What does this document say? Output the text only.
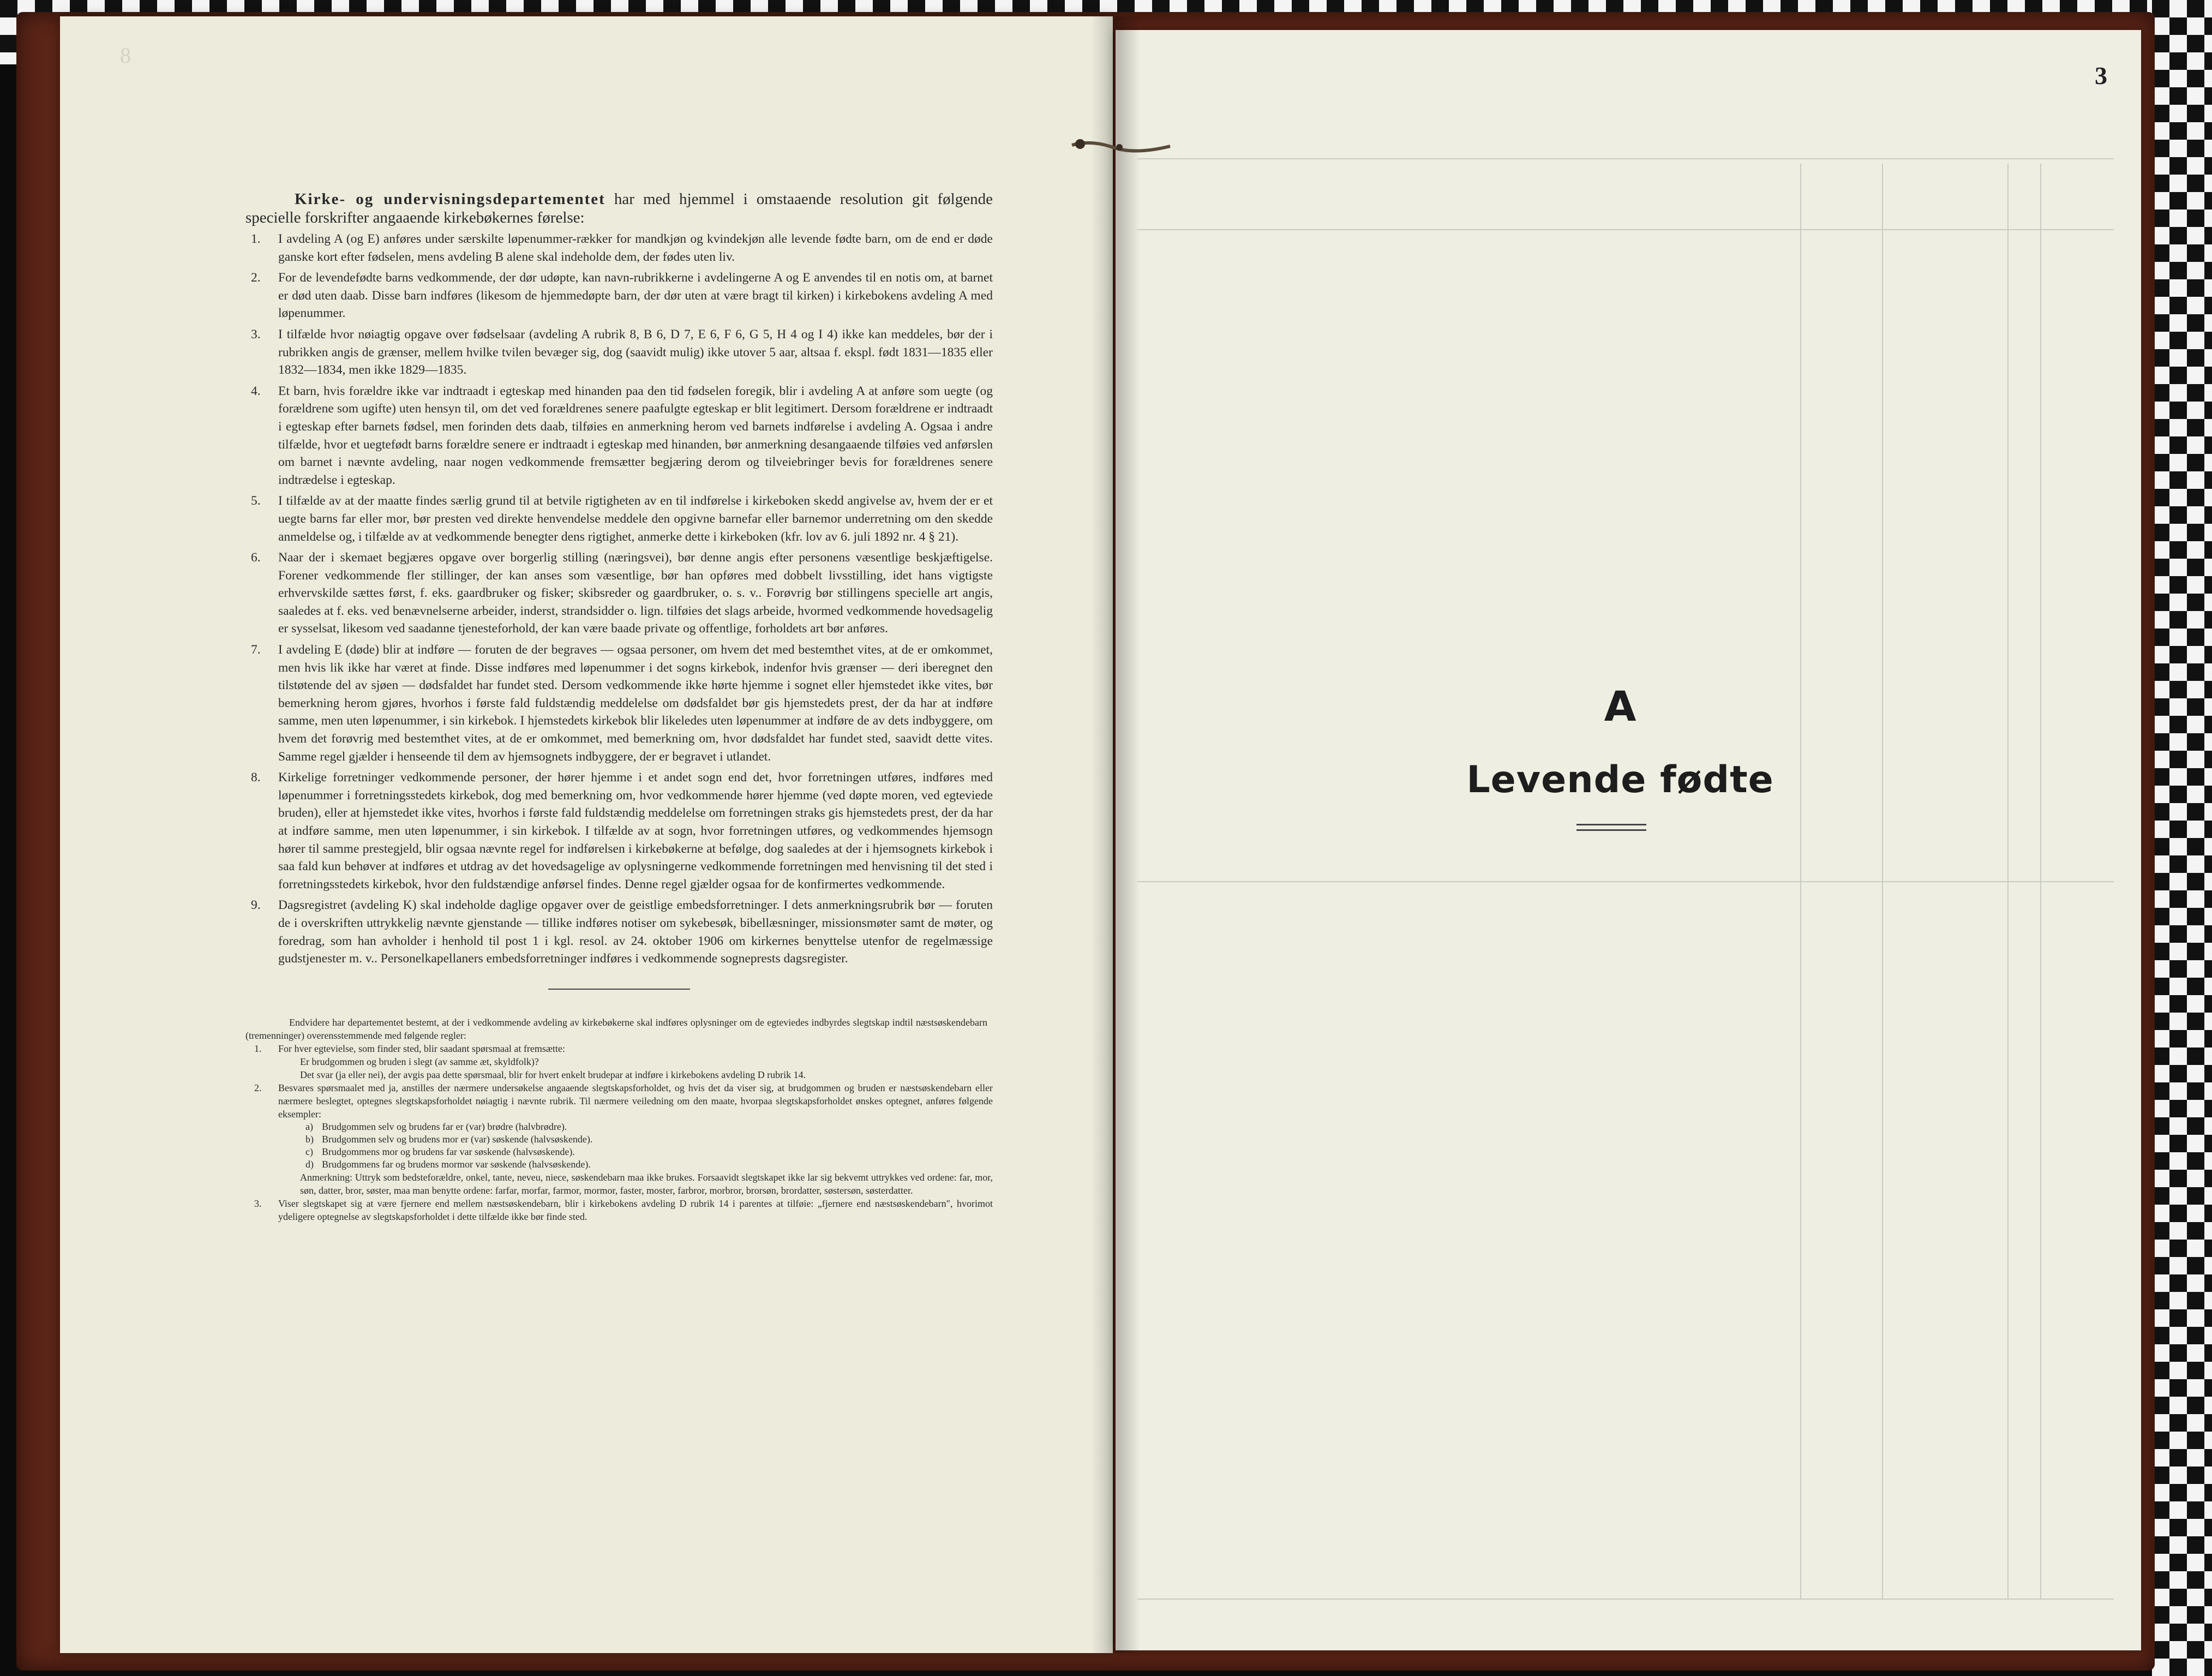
8
3

Kirke- og undervisningsdepartementet har med hjemmel i omstaaende resolution git følgende specielle forskrifter angaaende kirkebøkernes førelse:

1. I avdeling A (og E) anføres under særskilte løpenummer-rækker for mandkjøn og kvindekjøn alle levende fødte barn, om de end er døde ganske kort efter fødselen, mens avdeling B alene skal indeholde dem, der fødes uten liv.
2. For de levendefødte barns vedkommende, der dør udøpte, kan navn-rubrikkerne i avdelingerne A og E anvendes til en notis om, at barnet er død uten daab. Disse barn indføres (likesom de hjemmedøpte barn, der dør uten at være bragt til kirken) i kirkebokens avdeling A med løpenummer.
3. I tilfælde hvor nøiagtig opgave over fødselsaar (avdeling A rubrik 8, B 6, D 7, E 6, F 6, G 5, H 4 og I 4) ikke kan meddeles, bør der i rubrikken angis de grænser, mellem hvilke tvilen bevæger sig, dog (saavidt mulig) ikke utover 5 aar, altsaa f. ekspl. født 1831—1835 eller 1832—1834, men ikke 1829—1835.
4. Et barn, hvis forældre ikke var indtraadt i egteskap med hinanden paa den tid fødselen foregik, blir i avdeling A at anføre som uegte (og forældrene som ugifte) uten hensyn til, om det ved forældrenes senere paafulgte egteskap er blit legitimert. Dersom forældrene er indtraadt i egteskap efter barnets fødsel, men forinden dets daab, tilføies en anmerkning herom ved barnets indførelse i avdeling A. Ogsaa i andre tilfælde, hvor et uegtefødt barns forældre senere er indtraadt i egteskap med hinanden, bør anmerkning desangaaende tilføies ved anførslen om barnet i nævnte avdeling, naar nogen vedkommende fremsætter begjæring derom og tilveiebringer bevis for forældrenes senere indtrædelse i egteskap.
5. I tilfælde av at der maatte findes særlig grund til at betvile rigtigheten av en til indførelse i kirkeboken skedd angivelse av, hvem der er et uegte barns far eller mor, bør presten ved direkte henvendelse meddele den opgivne barnefar eller barnemor underretning om den skedde anmeldelse og, i tilfælde av at vedkommende benegter dens rigtighet, anmerke dette i kirkeboken (kfr. lov av 6. juli 1892 nr. 4 § 21).
6. Naar der i skemaet begjæres opgave over borgerlig stilling (næringsvei), bør denne angis efter personens væsentlige beskjæftigelse. Forener vedkommende fler stillinger, der kan anses som væsentlige, bør han opføres med dobbelt livsstilling, idet hans vigtigste erhvervskilde sættes først, f. eks. gaardbruker og fisker; skibsreder og gaardbruker, o. s. v.. Forøvrig bør stillingens specielle art angis, saaledes at f. eks. ved benævnelserne arbeider, inderst, strandsidder o. lign. tilføies det slags arbeide, hvormed vedkommende hovedsagelig er sysselsat, likesom ved saadanne tjenesteforhold, der kan være baade private og offentlige, forholdets art bør anføres.
7. I avdeling E (døde) blir at indføre — foruten de der begraves — ogsaa personer, om hvem det med bestemthet vites, at de er omkommet, men hvis lik ikke har været at finde. Disse indføres med løpenummer i det sogns kirkebok, indenfor hvis grænser — deri iberegnet den tilstøtende del av sjøen — dødsfaldet har fundet sted. Dersom vedkommende ikke hørte hjemme i sognet eller hjemstedet ikke vites, bør bemerkning herom gjøres, hvorhos i første fald fuldstændig meddelelse om dødsfaldet bør gis hjemstedets prest, der da har at indføre samme, men uten løpenummer, i sin kirkebok. I hjemstedets kirkebok blir likeledes uten løpenummer at indføre de av dets indbyggere, om hvem det forøvrig med bestemthet vites, at de er omkommet, med bemerkning om, hvor dødsfaldet har fundet sted, saavidt dette vites. Samme regel gjælder i henseende til dem av hjemsognets indbyggere, der er begravet i utlandet.
8. Kirkelige forretninger vedkommende personer, der hører hjemme i et andet sogn end det, hvor forretningen utføres, indføres med løpenummer i forretningsstedets kirkebok, dog med bemerkning om, hvor vedkommende hører hjemme (ved døpte moren, ved egteviede bruden), eller at hjemstedet ikke vites, hvorhos i første fald fuldstændig meddelelse om forretningen straks gis hjemstedets prest, der da har at indføre samme, men uten løpenummer, i sin kirkebok. I tilfælde av at sogn, hvor forretningen utføres, og vedkommendes hjemsogn hører til samme prestegjeld, blir ogsaa nævnte regel for indførelsen i kirkebøkerne at befølge, dog saaledes at der i hjemsognets kirkebok i saa fald kun behøver at indføres et utdrag av det hovedsagelige av oplysningerne vedkommende forretningen med henvisning til det sted i forretningsstedets kirkebok, hvor den fuldstændige anførsel findes. Denne regel gjælder ogsaa for de konfirmertes vedkommende.
9. Dagsregistret (avdeling K) skal indeholde daglige opgaver over de geistlige embedsforretninger. I dets anmerkningsrubrik bør — foruten de i overskriften uttrykkelig nævnte gjenstande — tillike indføres notiser om sykebesøk, bibellæsninger, missionsmøter samt de møter, og foredrag, som han avholder i henhold til post 1 i kgl. resol. av 24. oktober 1906 om kirkernes benyttelse utenfor de regelmæssige gudstjenester m. v.. Personelkapellaners embedsforretninger indføres i vedkommende sogneprests dagsregister.

Endvidere har departementet bestemt, at der i vedkommende avdeling av kirkebøkerne skal indføres oplysninger om de egteviedes indbyrdes slegtskap indtil næstsøskendebarn (tremenninger) overensstemmende med følgende regler:

1. For hver egtevielse, som finder sted, blir saadant spørsmaal at fremsætte:
Er brudgommen og bruden i slegt (av samme æt, skyldfolk)?
Det svar (ja eller nei), der avgis paa dette spørsmaal, blir for hvert enkelt brudepar at indføre i kirkebokens avdeling D rubrik 14.
2. Besvares spørsmaalet med ja, anstilles der nærmere undersøkelse angaaende slegtskapsforholdet, og hvis det da viser sig, at brudgommen og bruden er næstsøskendebarn eller nærmere beslegtet, optegnes slegtskapsforholdet nøiagtig i nævnte rubrik. Til nærmere veiledning om den maate, hvorpaa slegtskapsforholdet ønskes optegnet, anføres følgende eksempler:
a) Brudgommen selv og brudens far er (var) brødre (halvbrødre).
b) Brudgommen selv og brudens mor er (var) søskende (halvsøskende).
c) Brudgommens mor og brudens far var søskende (halvsøskende).
d) Brudgommens far og brudens mormor var søskende (halvsøskende).
Anmerkning: Uttryk som bedsteforældre, onkel, tante, neveu, niece, søskendebarn maa ikke brukes. Forsaavidt slegtskapet ikke lar sig bekvemt uttrykkes ved ordene: far, mor, søn, datter, bror, søster, maa man benytte ordene: farfar, morfar, farmor, mormor, faster, moster, farbror, morbror, brorsøn, brordatter, søstersøn, søsterdatter.
3. Viser slegtskapet sig at være fjernere end mellem næstsøskendebarn, blir i kirkebokens avdeling D rubrik 14 i parentes at tilføie: „fjernere end næstsøskendebarn", hvorimot ydeligere optegnelse av slegtskapsforholdet i dette tilfælde ikke bør finde sted.
A
Levende fødte
